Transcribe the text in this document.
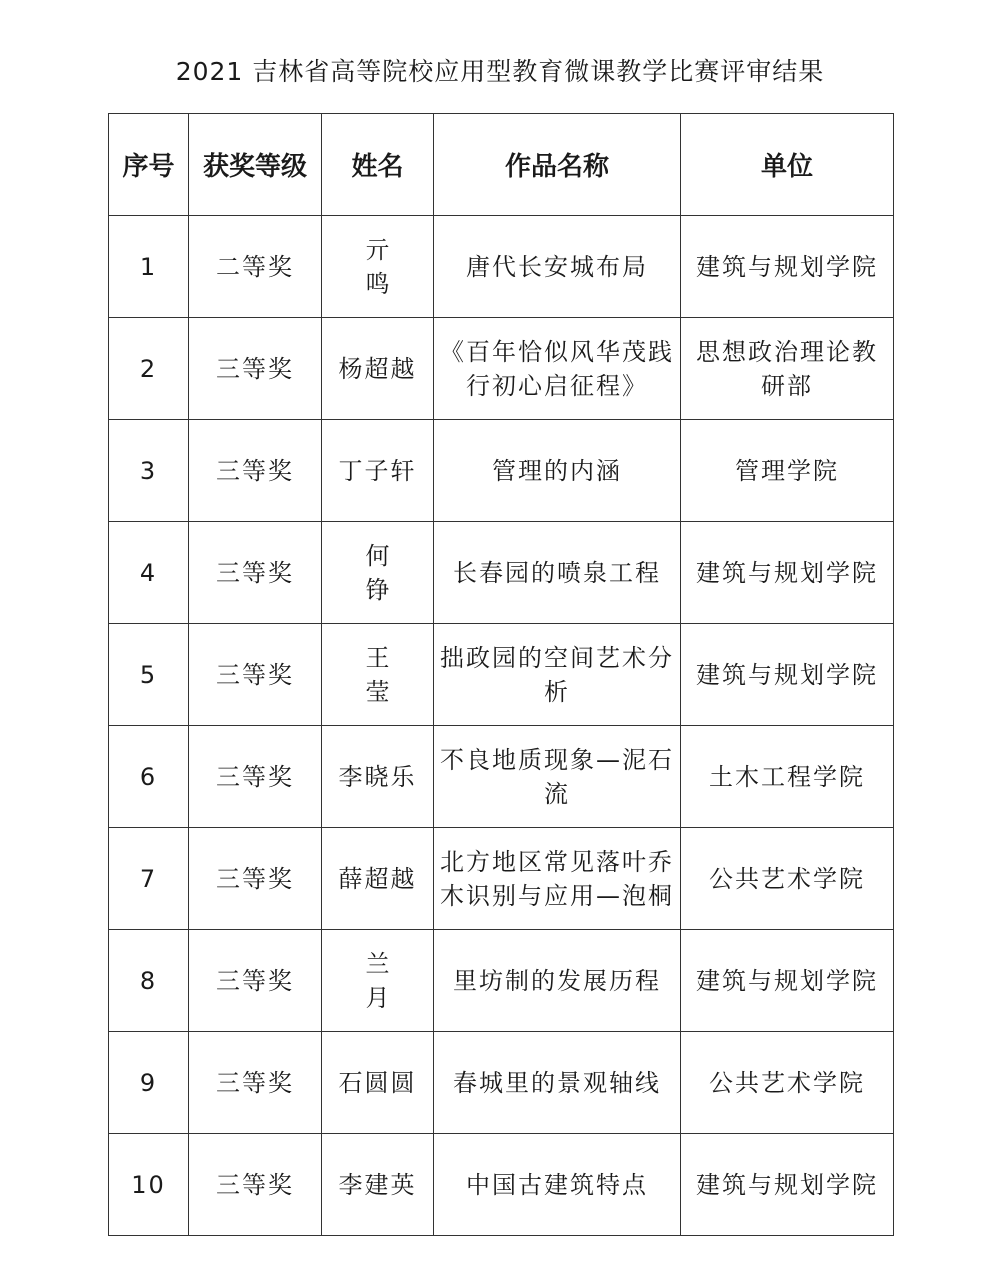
2021 吉林省高等院校应用型教育微课教学比赛评审结果
序号	获奖等级	姓名	作品名称	单位
1	二等奖	亓 鸣	唐代长安城布局	建筑与规划学院
2	三等奖	杨超越	《百年恰似风华茂践行初心启征程》	思想政治理论教研部
3	三等奖	丁子轩	管理的内涵	管理学院
4	三等奖	何 铮	长春园的喷泉工程	建筑与规划学院
5	三等奖	王 莹	拙政园的空间艺术分析	建筑与规划学院
6	三等奖	李晓乐	不良地质现象—泥石流	土木工程学院
7	三等奖	薛超越	北方地区常见落叶乔木识别与应用—泡桐	公共艺术学院
8	三等奖	兰 月	里坊制的发展历程	建筑与规划学院
9	三等奖	石圆圆	春城里的景观轴线	公共艺术学院
10	三等奖	李建英	中国古建筑特点	建筑与规划学院
